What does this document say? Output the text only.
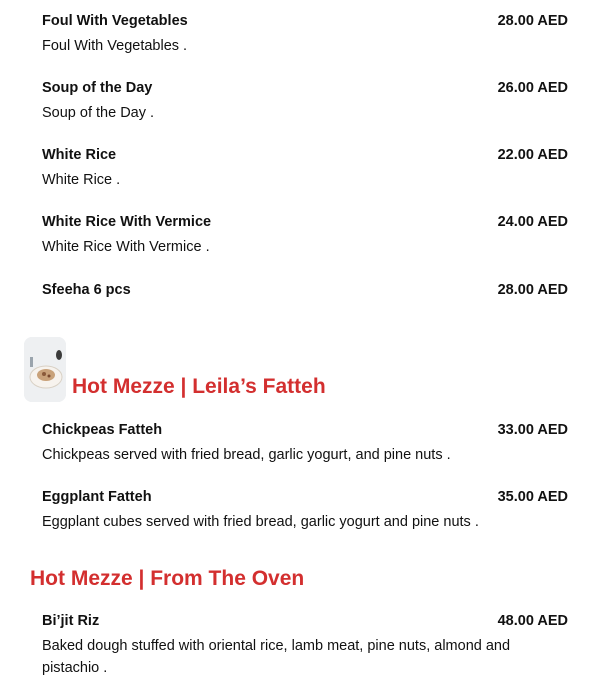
Foul With Vegetables	28.00 AED
Foul With Vegetables .
Soup of the Day	26.00 AED
Soup of the Day .
White Rice	22.00 AED
White Rice .
White Rice With Vermice	24.00 AED
White Rice With Vermice .
Sfeeha 6 pcs	28.00 AED
Hot Mezze | Leila’s Fatteh
Chickpeas Fatteh	33.00 AED
Chickpeas served with fried bread, garlic yogurt, and pine nuts .
Eggplant Fatteh	35.00 AED
Eggplant cubes served with fried bread, garlic yogurt and pine nuts .
Hot Mezze | From The Oven
Bi’jit Riz	48.00 AED
Baked dough stuffed with oriental rice, lamb meat, pine nuts, almond and pistachio .
